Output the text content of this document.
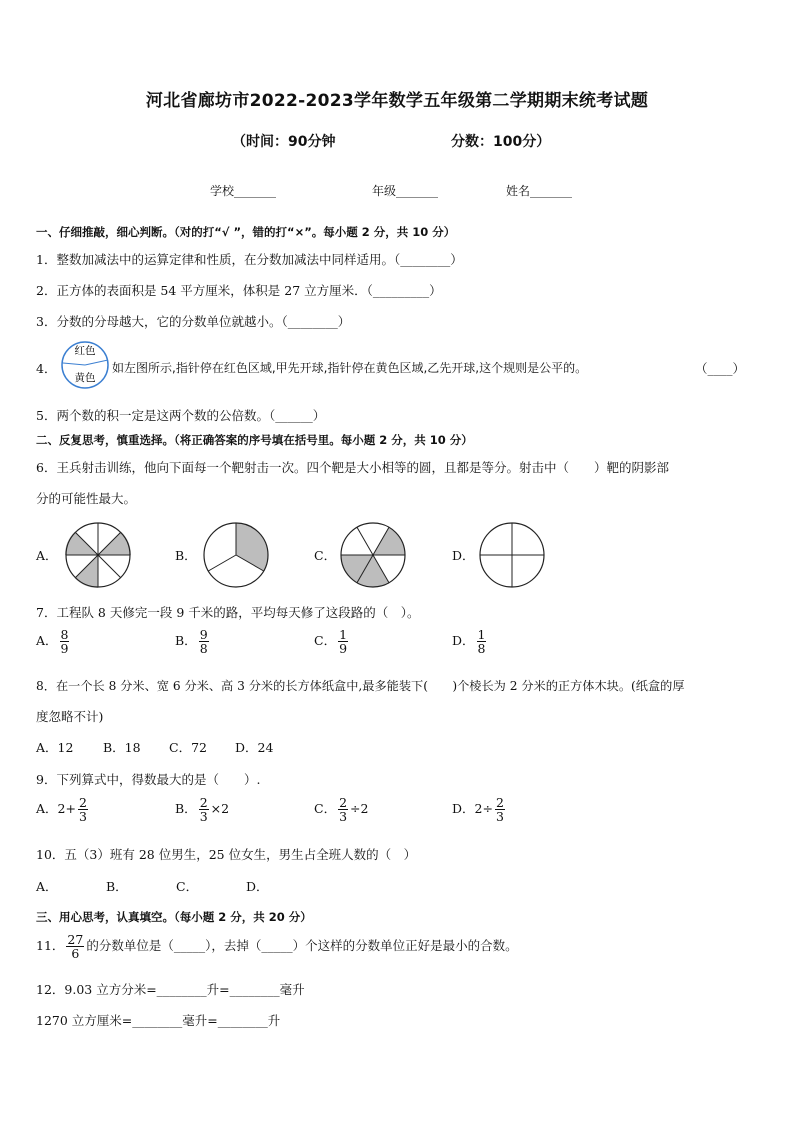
河北省廊坊市2022-2023学年数学五年级第二学期期末统考试题
（时间：90分钟	分数：100分）
学校_______	年级_______	姓名_______
一、仔细推敲，细心判断。（对的打“√ ”，错的打“×”。每小题 2 分，共 10 分）
1．整数加减法中的运算定律和性质，在分数加减法中同样适用。（________）
2．正方体的表面积是 54 平方厘米，体积是 27 立方厘米．（_________）
3．分数的分母越大，它的分数单位就越小。（________）
4．
红色
黄色
如左图所示,指针停在红色区域,甲先开球,指针停在黄色区域,乙先开球,这个规则是公平的。	（____）
5．两个数的积一定是这两个数的公倍数。（______）
二、反复思考，慎重选择。（将正确答案的序号填在括号里。每小题 2 分，共 10 分）
6．王兵射击训练，他向下面每一个靶射击一次。四个靶是大小相等的圆，且都是等分。射击中（　　）靶的阴影部
分的可能性最大。
A．	B．	C．	D．
7．工程队 8 天修完一段 9 千米的路，平均每天修了这段路的（　）。
A． $\frac{8}{9}$	B． $\frac{9}{8}$	C． $\frac{1}{9}$	D． $\frac{1}{8}$
8．在一个长 8 分米、宽 6 分米、高 3 分米的长方体纸盒中,最多能装下(　　)个棱长为 2 分米的正方体木块。(纸盒的厚
度忽略不计)
A．12 B．18 C．72 D．24
9．下列算式中，得数最大的是（　　）.
A．$2+ \frac{2}{3}$	B． $\frac{2}{3} \times 2$	C． $\frac{2}{3} \div 2$	D．$2\div \frac{2}{3}$
10．五（3）班有 28 位男生，25 位女生，男生占全班人数的（　）
A．	B．	C．	D．
三、用心思考，认真填空。（每小题 2 分，共 20 分）
11． $\frac{27}{6}$ 的分数单位是（_____），去掉（_____）个这样的分数单位正好是最小的合数。
12．9.03 立方分米=________升=________毫升
1270 立方厘米=________毫升=________升
